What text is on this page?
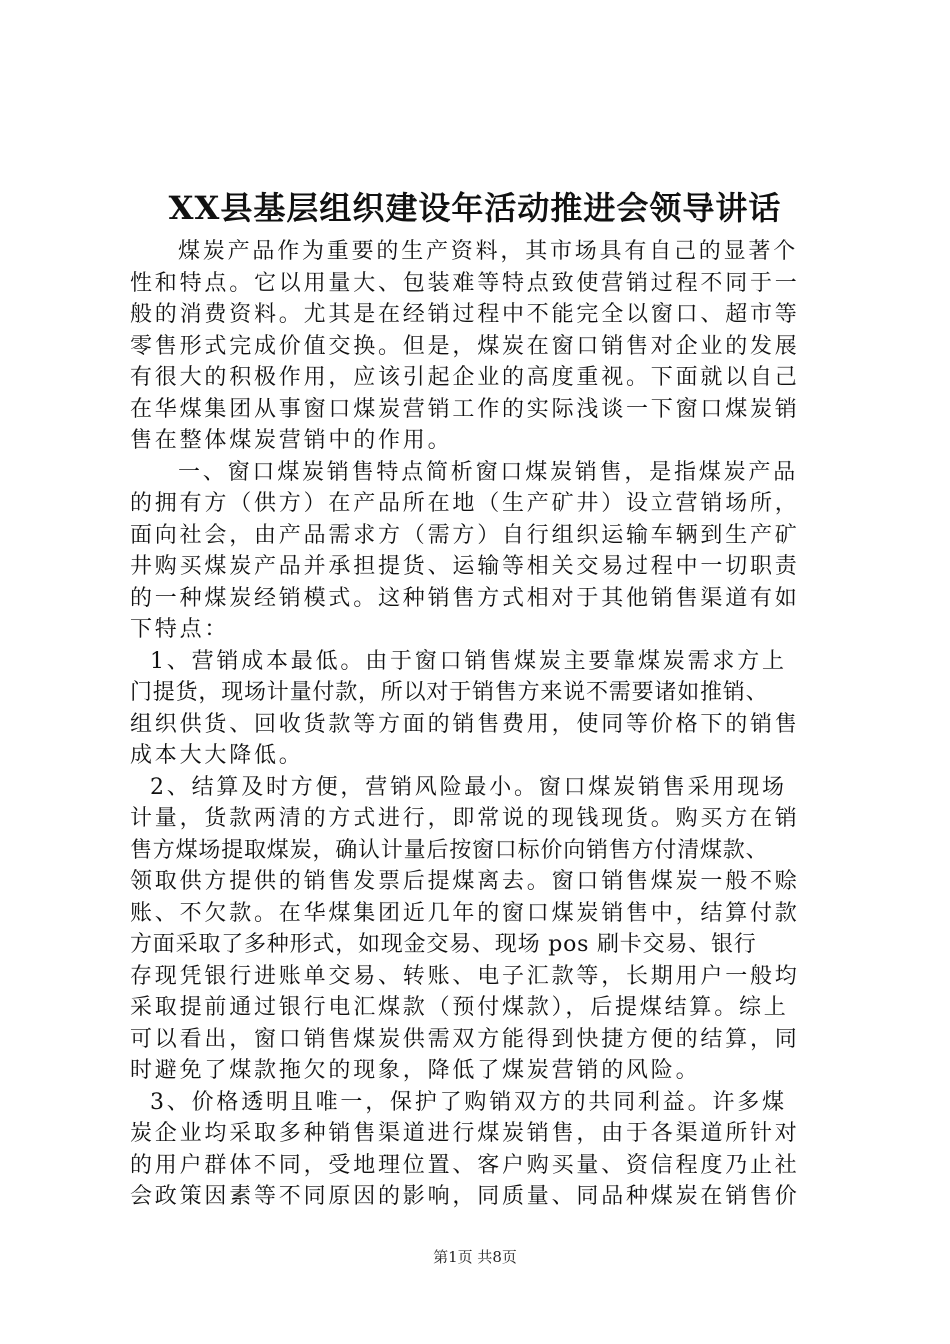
XX县基层组织建设年活动推进会领导讲话
煤炭产品作为重要的生产资料，其市场具有自己的显著个
性和特点。它以用量大、包装难等特点致使营销过程不同于一
般的消费资料。尤其是在经销过程中不能完全以窗口、超市等
零售形式完成价值交换。但是，煤炭在窗口销售对企业的发展
有很大的积极作用，应该引起企业的高度重视。下面就以自己
在华煤集团从事窗口煤炭营销工作的实际浅谈一下窗口煤炭销
售在整体煤炭营销中的作用。
一、窗口煤炭销售特点简析窗口煤炭销售，是指煤炭产品
的拥有方（供方）在产品所在地（生产矿井）设立营销场所，
面向社会，由产品需求方（需方）自行组织运输车辆到生产矿
井购买煤炭产品并承担提货、运输等相关交易过程中一切职责
的一种煤炭经销模式。这种销售方式相对于其他销售渠道有如
下特点：
1、营销成本最低。由于窗口销售煤炭主要靠煤炭需求方上
门提货，现场计量付款，所以对于销售方来说不需要诸如推销、
组织供货、回收货款等方面的销售费用，使同等价格下的销售
成本大大降低。
2、结算及时方便，营销风险最小。窗口煤炭销售采用现场
计量，货款两清的方式进行，即常说的现钱现货。购买方在销
售方煤场提取煤炭，确认计量后按窗口标价向销售方付清煤款、
领取供方提供的销售发票后提煤离去。窗口销售煤炭一般不赊
账、不欠款。在华煤集团近几年的窗口煤炭销售中，结算付款
方面采取了多种形式，如现金交易、现场 pos 刷卡交易、银行
存现凭银行进账单交易、转账、电子汇款等，长期用户一般均
采取提前通过银行电汇煤款（预付煤款），后提煤结算。综上
可以看出，窗口销售煤炭供需双方能得到快捷方便的结算，同
时避免了煤款拖欠的现象，降低了煤炭营销的风险。
3、价格透明且唯一，保护了购销双方的共同利益。许多煤
炭企业均采取多种销售渠道进行煤炭销售，由于各渠道所针对
的用户群体不同，受地理位置、客户购买量、资信程度乃止社
会政策因素等不同原因的影响，同质量、同品种煤炭在销售价
第1页 共8页
